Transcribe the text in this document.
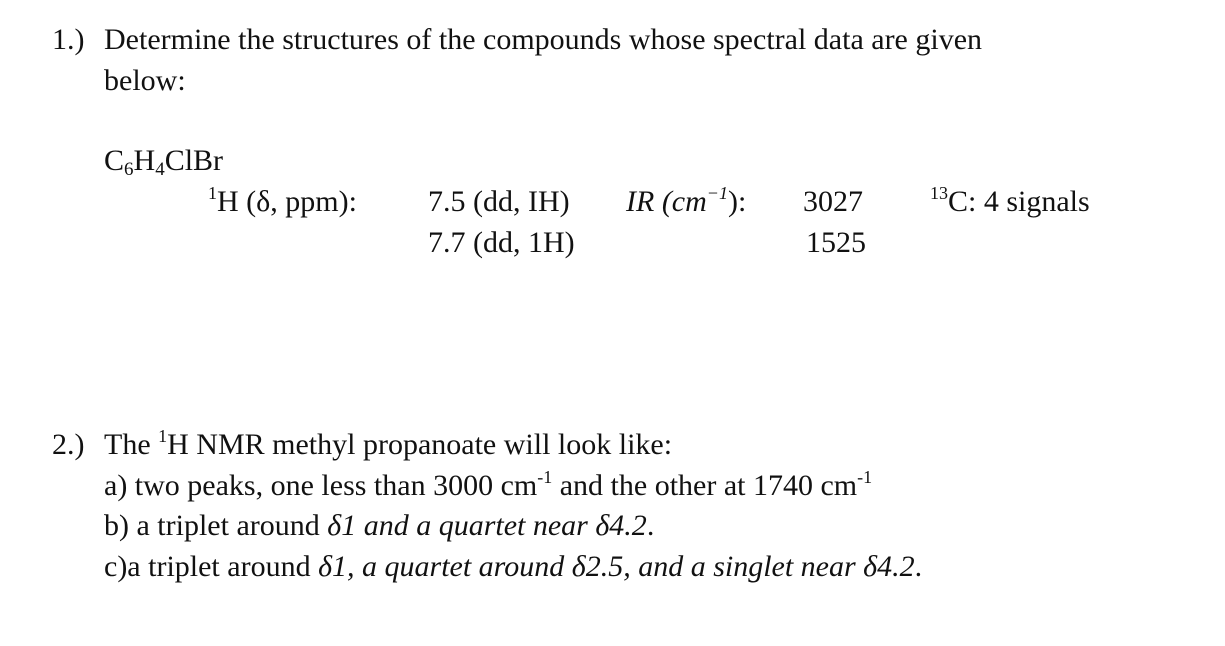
1.) Determine the structures of the compounds whose spectral data are given
below:
$C_6H_4ClBr$
$^1$H (δ, ppm): 7.5 (dd, IH)
7.7 (dd, 1H)
IR $(cm^{-1})$: 3027
1525
$^{13}$C: 4 signals
2.) The $^1$H NMR methyl propanoate will look like:
a) two peaks, one less than 3000 $cm^{-1}$ and the other at 1740 $cm^{-1}$
b) a triplet around δ1 and a quartet near δ4.2.
c)a triplet around δ1, a quartet around δ2.5, and a singlet near δ4.2.
